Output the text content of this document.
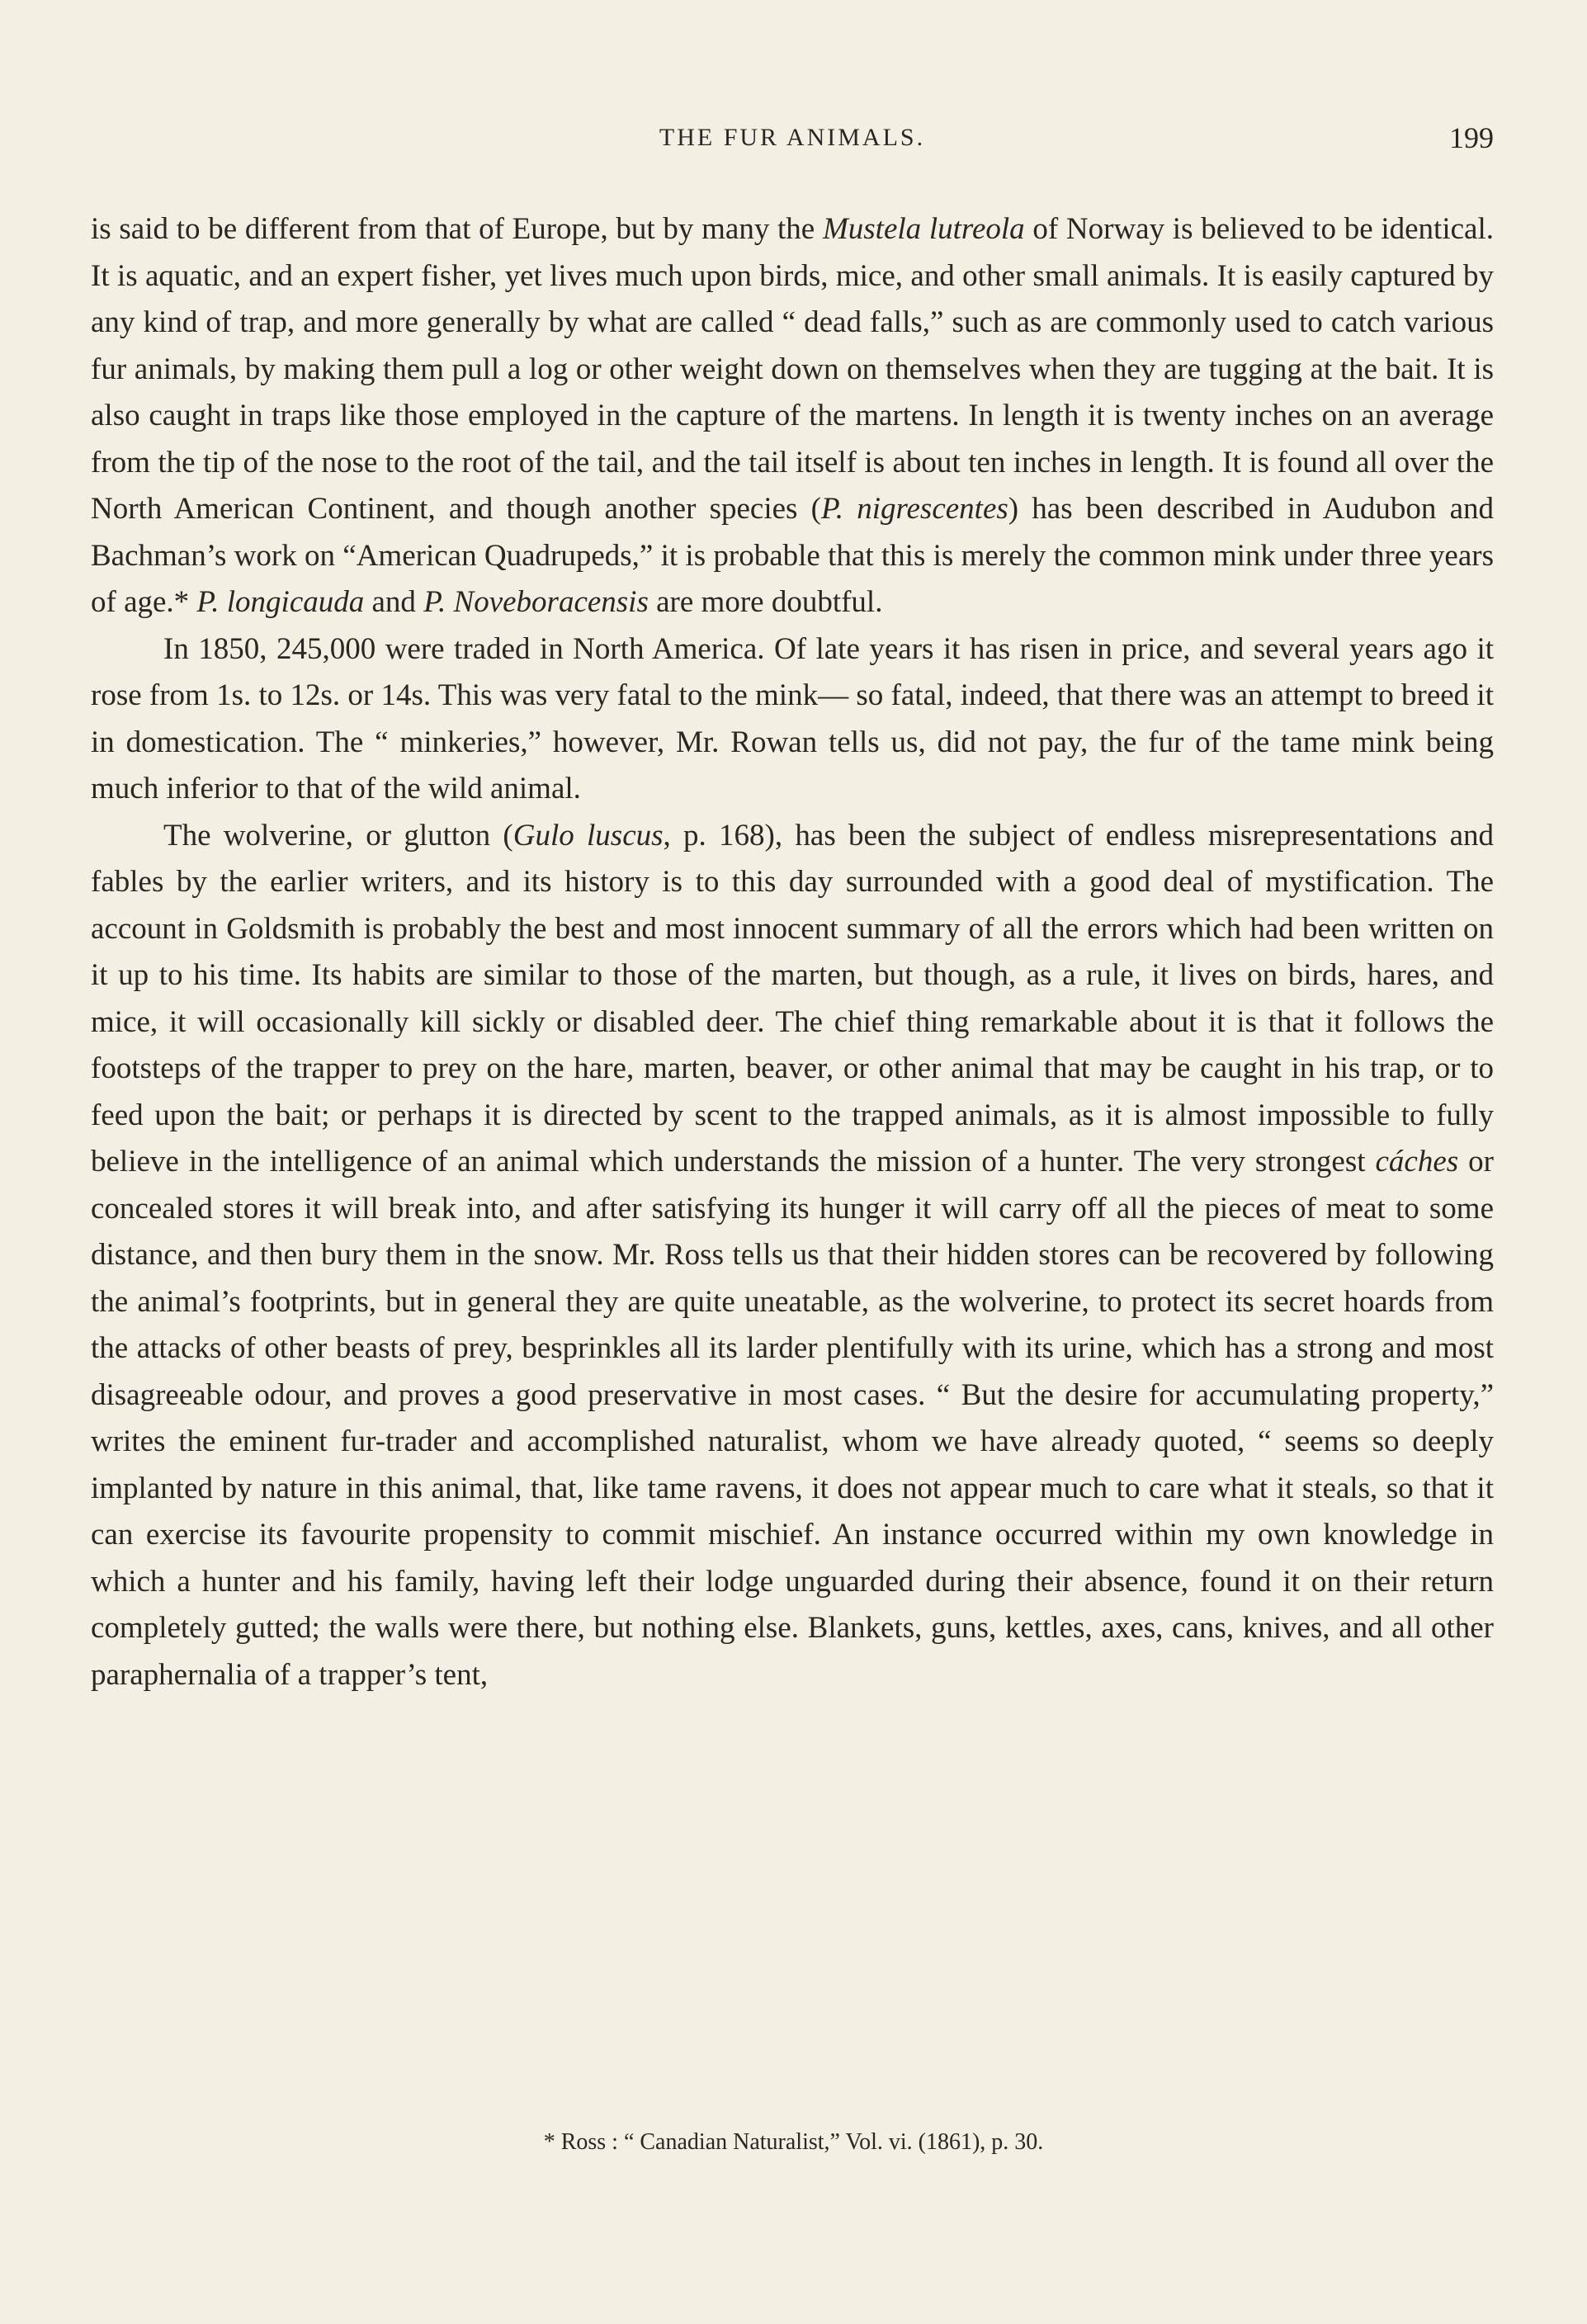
THE FUR ANIMALS.	199

is said to be different from that of Europe, but by many the Mustela lutreola of Norway is believed to be identical. It is aquatic, and an expert fisher, yet lives much upon birds, mice, and other small animals. It is easily captured by any kind of trap, and more generally by what are called “ dead falls,” such as are commonly used to catch various fur animals, by making them pull a log or other weight down on themselves when they are tugging at the bait. It is also caught in traps like those employed in the capture of the martens. In length it is twenty inches on an average from the tip of the nose to the root of the tail, and the tail itself is about ten inches in length. It is found all over the North American Continent, and though another species (P. nigrescentes) has been described in Audubon and Bachman’s work on “American Quadrupeds,” it is probable that this is merely the common mink under three years of age.* P. longicauda and P. Noveboracensis are more doubtful.

In 1850, 245,000 were traded in North America. Of late years it has risen in price, and several years ago it rose from 1s. to 12s. or 14s. This was very fatal to the mink— so fatal, indeed, that there was an attempt to breed it in domestication. The “ minkeries,” however, Mr. Rowan tells us, did not pay, the fur of the tame mink being much inferior to that of the wild animal.

The wolverine, or glutton (Gulo luscus, p. 168), has been the subject of endless misrepresentations and fables by the earlier writers, and its history is to this day surrounded with a good deal of mystification. The account in Goldsmith is probably the best and most innocent summary of all the errors which had been written on it up to his time. Its habits are similar to those of the marten, but though, as a rule, it lives on birds, hares, and mice, it will occasionally kill sickly or disabled deer. The chief thing remarkable about it is that it follows the footsteps of the trapper to prey on the hare, marten, beaver, or other animal that may be caught in his trap, or to feed upon the bait; or perhaps it is directed by scent to the trapped animals, as it is almost impossible to fully believe in the intelligence of an animal which understands the mission of a hunter. The very strongest cáches or concealed stores it will break into, and after satisfying its hunger it will carry off all the pieces of meat to some distance, and then bury them in the snow. Mr. Ross tells us that their hidden stores can be recovered by following the animal’s footprints, but in general they are quite uneatable, as the wolverine, to protect its secret hoards from the attacks of other beasts of prey, besprinkles all its larder plentifully with its urine, which has a strong and most disagreeable odour, and proves a good preservative in most cases. “ But the desire for accumulating property,” writes the eminent fur-trader and accomplished naturalist, whom we have already quoted, “ seems so deeply implanted by nature in this animal, that, like tame ravens, it does not appear much to care what it steals, so that it can exercise its favourite propensity to commit mischief. An instance occurred within my own knowledge in which a hunter and his family, having left their lodge unguarded during their absence, found it on their return completely gutted; the walls were there, but nothing else. Blankets, guns, kettles, axes, cans, knives, and all other paraphernalia of a trapper’s tent,

* Ross : “ Canadian Naturalist,” Vol. vi. (1861), p. 30.
